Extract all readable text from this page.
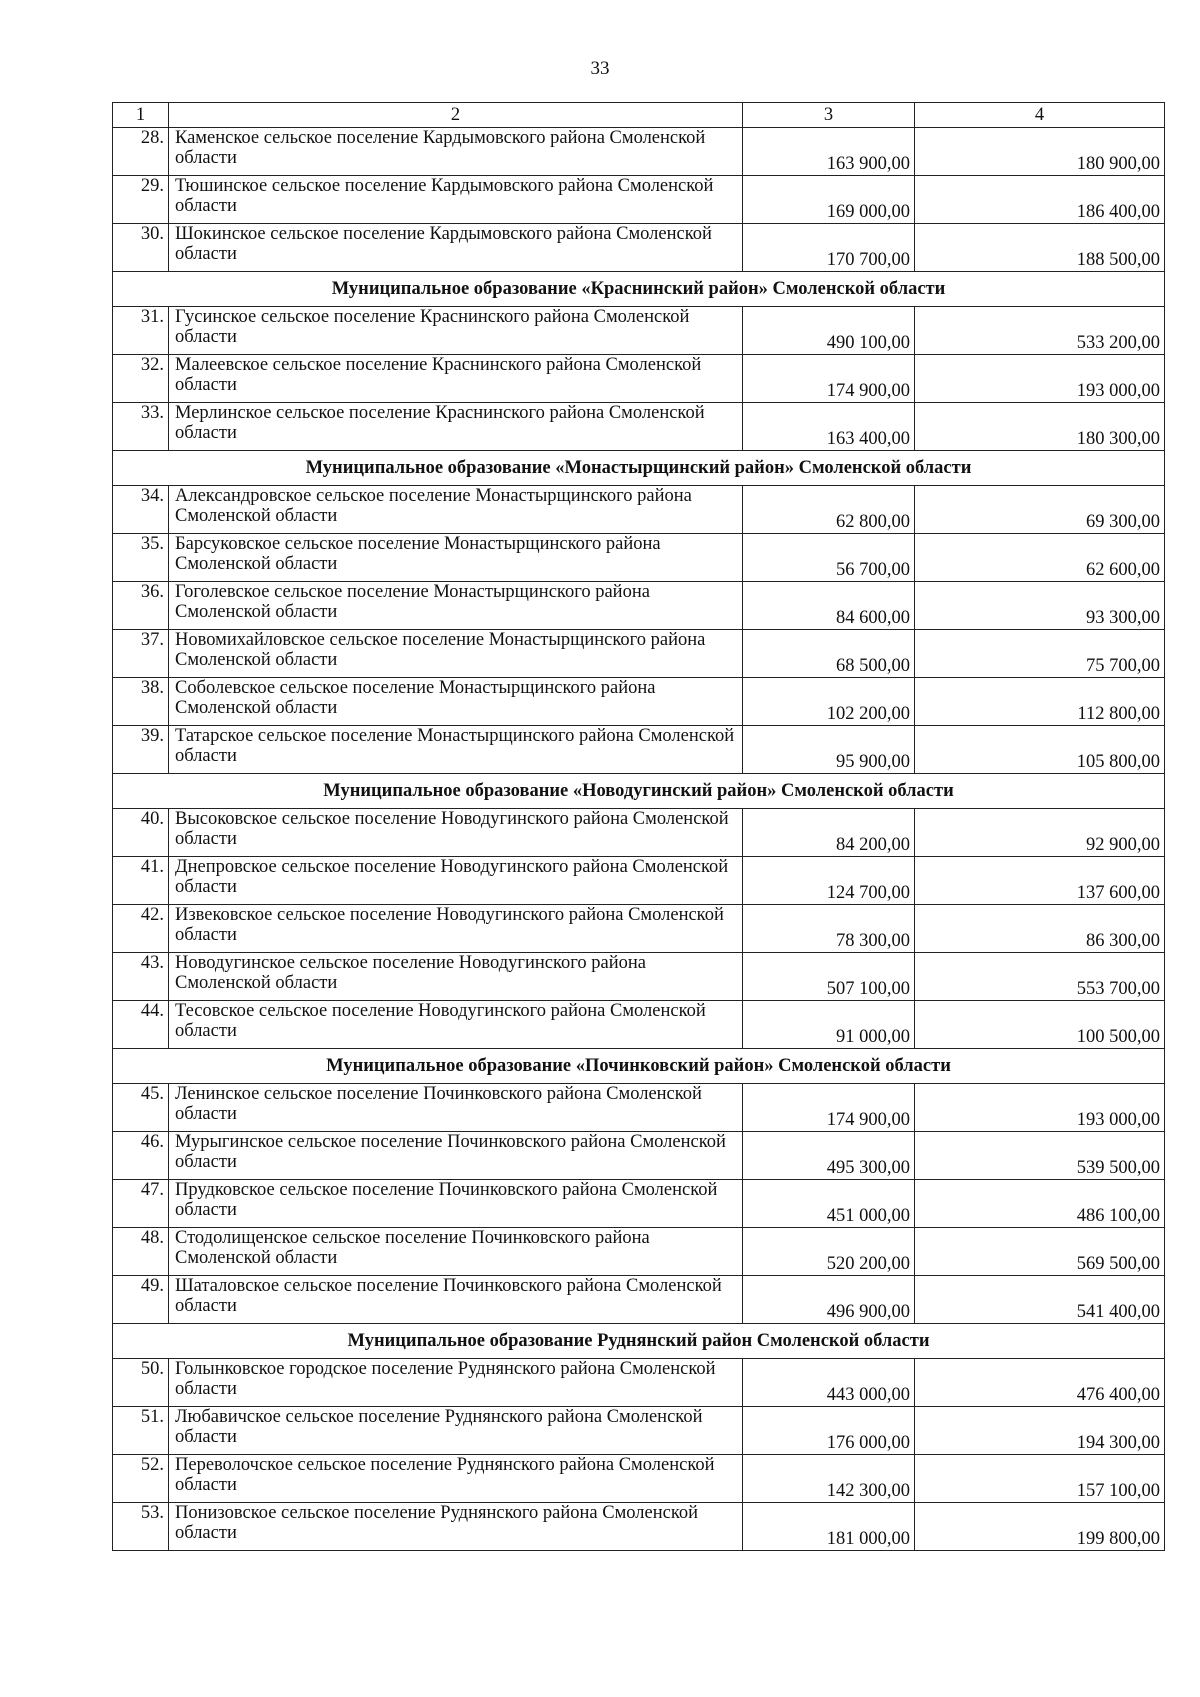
33
1	2	3	4
28.	Каменское сельское поселение Кардымовского района Смоленской области	163 900,00	180 900,00
29.	Тюшинское сельское поселение Кардымовского района Смоленской области	169 000,00	186 400,00
30.	Шокинское сельское поселение Кардымовского района Смоленской области	170 700,00	188 500,00
Муниципальное образование «Краснинский район» Смоленской области			
31.	Гусинское сельское поселение Краснинского района Смоленской области	490 100,00	533 200,00
32.	Малеевское сельское поселение Краснинского района Смоленской области	174 900,00	193 000,00
33.	Мерлинское сельское поселение Краснинского района Смоленской области	163 400,00	180 300,00
Муниципальное образование «Монастырщинский район» Смоленской области			
34.	Александровское сельское поселение Монастырщинского района Смоленской области	62 800,00	69 300,00
35.	Барсуковское сельское поселение Монастырщинского района Смоленской области	56 700,00	62 600,00
36.	Гоголевское сельское поселение Монастырщинского района Смоленской области	84 600,00	93 300,00
37.	Новомихайловское сельское поселение Монастырщинского района Смоленской области	68 500,00	75 700,00
38.	Соболевское сельское поселение Монастырщинского района Смоленской области	102 200,00	112 800,00
39.	Татарское сельское поселение Монастырщинского района Смоленской области	95 900,00	105 800,00
Муниципальное образование «Новодугинский район» Смоленской области			
40.	Высоковское сельское поселение Новодугинского района Смоленской области	84 200,00	92 900,00
41.	Днепровское сельское поселение Новодугинского района Смоленской области	124 700,00	137 600,00
42.	Извековское сельское поселение Новодугинского района Смоленской области	78 300,00	86 300,00
43.	Новодугинское сельское поселение Новодугинского района Смоленской области	507 100,00	553 700,00
44.	Тесовское сельское поселение Новодугинского района Смоленской области	91 000,00	100 500,00
Муниципальное образование «Починковский район» Смоленской области			
45.	Ленинское сельское поселение Починковского района Смоленской области	174 900,00	193 000,00
46.	Мурыгинское сельское поселение Починковского района Смоленской области	495 300,00	539 500,00
47.	Прудковское сельское поселение Починковского района Смоленской области	451 000,00	486 100,00
48.	Стодолищенское сельское поселение Починковского района Смоленской области	520 200,00	569 500,00
49.	Шаталовское сельское поселение Починковского района Смоленской области	496 900,00	541 400,00
Муниципальное образование Руднянский район Смоленской области			
50.	Голынковское городское поселение Руднянского района Смоленской области	443 000,00	476 400,00
51.	Любавичское сельское поселение Руднянского района Смоленской области	176 000,00	194 300,00
52.	Переволочское сельское поселение Руднянского района Смоленской области	142 300,00	157 100,00
53.	Понизовское сельское поселение Руднянского района Смоленской области	181 000,00	199 800,00
